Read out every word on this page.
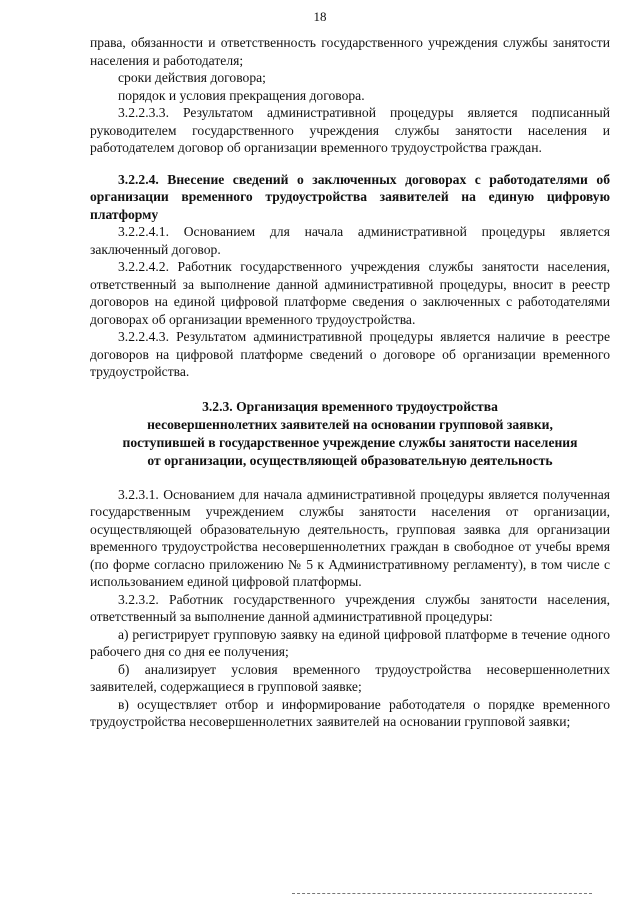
18

права, обязанности и ответственность государственного учреждения службы занятости населения и работодателя;

сроки действия договора;

порядок и условия прекращения договора.

3.2.2.3.3. Результатом административной процедуры является подписанный руководителем государственного учреждения службы занятости населения и работодателем договор об организации временного трудоустройства граждан.

3.2.2.4. Внесение сведений о заключенных договорах с работодателями об организации временного трудоустройства заявителей на единую цифровую платформу

3.2.2.4.1. Основанием для начала административной процедуры является заключенный договор.

3.2.2.4.2. Работник государственного учреждения службы занятости населения, ответственный за выполнение данной административной процедуры, вносит в реестр договоров на единой цифровой платформе сведения о заключенных с работодателями договорах об организации временного трудоустройства.

3.2.2.4.3. Результатом административной процедуры является наличие в реестре договоров на цифровой платформе сведений о договоре об организации временного трудоустройства.

3.2.3. Организация временного трудоустройства
несовершеннолетних заявителей на основании групповой заявки,
поступившей в государственное учреждение службы занятости населения
от организации, осуществляющей образовательную деятельность

3.2.3.1. Основанием для начала административной процедуры является полученная государственным учреждением службы занятости населения от организации, осуществляющей образовательную деятельность, групповая заявка для организации временного трудоустройства несовершеннолетних граждан в свободное от учебы время (по форме согласно приложению № 5 к Административному регламенту), в том числе с использованием единой цифровой платформы.

3.2.3.2. Работник государственного учреждения службы занятости населения, ответственный за выполнение данной административной процедуры:

а) регистрирует групповую заявку на единой цифровой платформе в течение одного рабочего дня со дня ее получения;

б) анализирует условия временного трудоустройства несовершеннолетних заявителей, содержащиеся в групповой заявке;

в) осуществляет отбор и информирование работодателя о порядке временного трудоустройства несовершеннолетних заявителей на основании групповой заявки;
